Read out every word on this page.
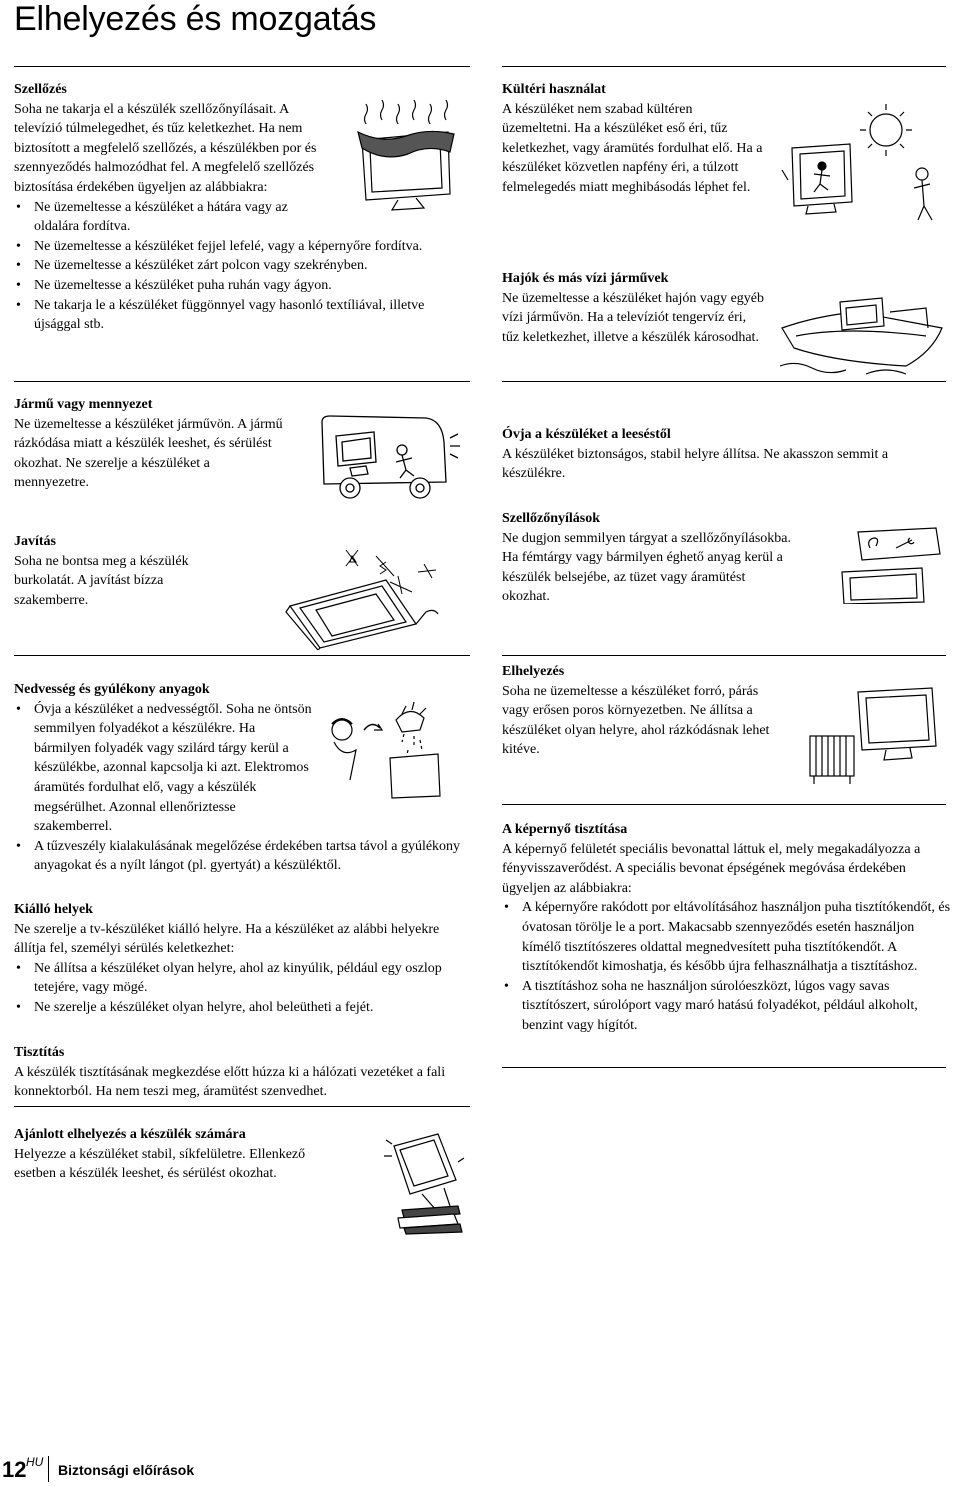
Elhelyezés és mozgatás
Szellőzés

Soha ne takarja el a készülék szellőzőnyílásait. A televízió túlmelegedhet, és tűz keletkezhet. Ha nem biztosított a megfelelő szellőzés, a készülékben por és szennyeződés halmozódhat fel. A megfelelő szellőzés biztosítása érdekében ügyeljen az alábbiakra:

• Ne üzemeltesse a készüléket a hátára vagy az oldalára fordítva.
• Ne üzemeltesse a készüléket fejjel lefelé, vagy a képernyőre fordítva.
• Ne üzemeltesse a készüléket zárt polcon vagy szekrényben.
• Ne üzemeltesse a készüléket puha ruhán vagy ágyon.
• Ne takarja le a készüléket függönnyel vagy hasonló textíliával, illetve újsággal stb.
Jármű vagy mennyezet

Ne üzemeltesse a készüléket járművön. A jármű rázkódása miatt a készülék leeshet, és sérülést okozhat. Ne szerelje a készüléket a mennyezetre.

Javítás

Soha ne bontsa meg a készülék burkolatát. A javítást bízza szakemberre.

Kültéri használat

A készüléket nem szabad kültéren üzemeltetni. Ha a készüléket eső éri, tűz keletkezhet, vagy áramütés fordulhat elő. Ha a készüléket közvetlen napfény éri, a túlzott felmelegedés miatt meghibásodás léphet fel.

Hajók és más vízi járművek

Ne üzemeltesse a készüléket hajón vagy egyéb vízi járművön. Ha a televíziót tengervíz éri, tűz keletkezhet, illetve a készülék károsodhat.

Óvja a készüléket a leeséstől

A készüléket biztonságos, stabil helyre állítsa. Ne akasszon semmit a készülékre.

Szellőzőnyílások

Ne dugjon semmilyen tárgyat a szellőzőnyílásokba. Ha fémtárgy vagy bármilyen éghető anyag kerül a készülék belsejébe, az tüzet vagy áramütést okozhat.

Nedvesség és gyúlékony anyagok
• Óvja a készüléket a nedvességtől. Soha ne öntsön semmilyen folyadékot a készülékre. Ha bármilyen folyadék vagy szilárd tárgy kerül a készülékbe, azonnal kapcsolja ki azt. Elektromos áramütés fordulhat elő, vagy a készülék megsérülhet. Azonnal ellenőriztesse szakemberrel.
• A tűzveszély kialakulásának megelőzése érdekében tartsa távol a gyúlékony anyagokat és a nyílt lángot (pl. gyertyát) a készüléktől.
Kiálló helyek

Ne szerelje a tv-készüléket kiálló helyre. Ha a készüléket az alábbi helyekre állítja fel, személyi sérülés keletkezhet:

• Ne állítsa a készüléket olyan helyre, ahol az kinyúlik, például egy oszlop tetejére, vagy mögé.
• Ne szerelje a készüléket olyan helyre, ahol beleütheti a fejét.
Tisztítás

A készülék tisztításának megkezdése előtt húzza ki a hálózati vezetéket a fali konnektorból. Ha nem teszi meg, áramütést szenvedhet.

Ajánlott elhelyezés a készülék számára

Helyezze a készüléket stabil, síkfelületre. Ellenkező esetben a készülék leeshet, és sérülést okozhat.

Elhelyezés

Soha ne üzemeltesse a készüléket forró, párás vagy erősen poros környezetben. Ne állítsa a készüléket olyan helyre, ahol rázkódásnak lehet kitéve.

A képernyő tisztítása

A képernyő felületét speciális bevonattal láttuk el, mely megakadályozza a fényvisszaverődést. A speciális bevonat épségének megóvása érdekében ügyeljen az alábbiakra:

• A képernyőre rakódott por eltávolításához használjon puha tisztítókendőt, és óvatosan törölje le a port. Makacsabb szennyeződés esetén használjon kímélő tisztítószeres oldattal megnedvesített puha tisztítókendőt. A tisztítókendőt kimoshatja, és később újra felhasználhatja a tisztításhoz.
• A tisztításhoz soha ne használjon súrolóeszközt, lúgos vagy savas tisztítószert, súrolóport vagy maró hatású folyadékot, például alkoholt, benzint vagy hígítót.
12 HU Biztonsági előírások
